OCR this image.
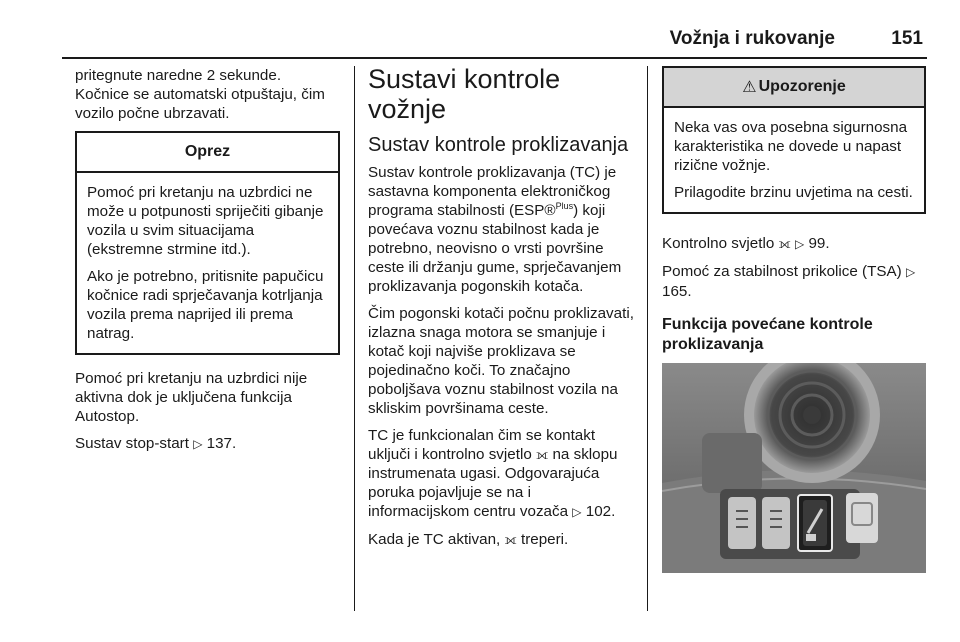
Vožnja i rukovanje	151

pritegnute naredne 2 sekunde.

Kočnice se automatski otpuštaju, čim vozilo počne ubrzavati.

Oprez

Pomoć pri kretanju na uzbrdici ne može u potpunosti spriječiti gibanje vozila u svim situacijama (ekstremne strmine itd.).

Ako je potrebno, pritisnite papučicu kočnice radi sprječavanja kotrljanja vozila prema naprijed ili prema natrag.

Pomoć pri kretanju na uzbrdici nije aktivna dok je uključena funkcija Autostop.

Sustav stop-start ▷ 137.

Sustavi kontrole vožnje
Sustav kontrole proklizavanja

Sustav kontrole proklizavanja (TC) je sastavna komponenta elektroničkog programa stabilnosti (ESP®$^{Plus}$) koji povećava voznu stabilnost kada je potrebno, neovisno o vrsti površine ceste ili držanju gume, sprječavanjem proklizavanja pogonskih kotača.

Čim pogonski kotači počnu proklizavati, izlazna snaga motora se smanjuje i kotač koji najviše proklizava se pojedinačno koči. To značajno poboljšava voznu stabilnost vozila na skliskim površinama ceste.

TC je funkcionalan čim se kontakt uključi i kontrolno svjetlo ⟗ na sklopu instrumenata ugasi. Odgovarajuća poruka pojavljuje se na i informacijskom centru vozača ▷ 102.

Kada je TC aktivan, ⟗ treperi.

⚠ Upozorenje

Neka vas ova posebna sigurnosna karakteristika ne dovede u napast rizične vožnje.

Prilagodite brzinu uvjetima na cesti.

Kontrolno svjetlo ⟗ ▷ 99.

Pomoć za stabilnost prikolice (TSA) ▷ 165.

Funkcija povećane kontrole proklizavanja
